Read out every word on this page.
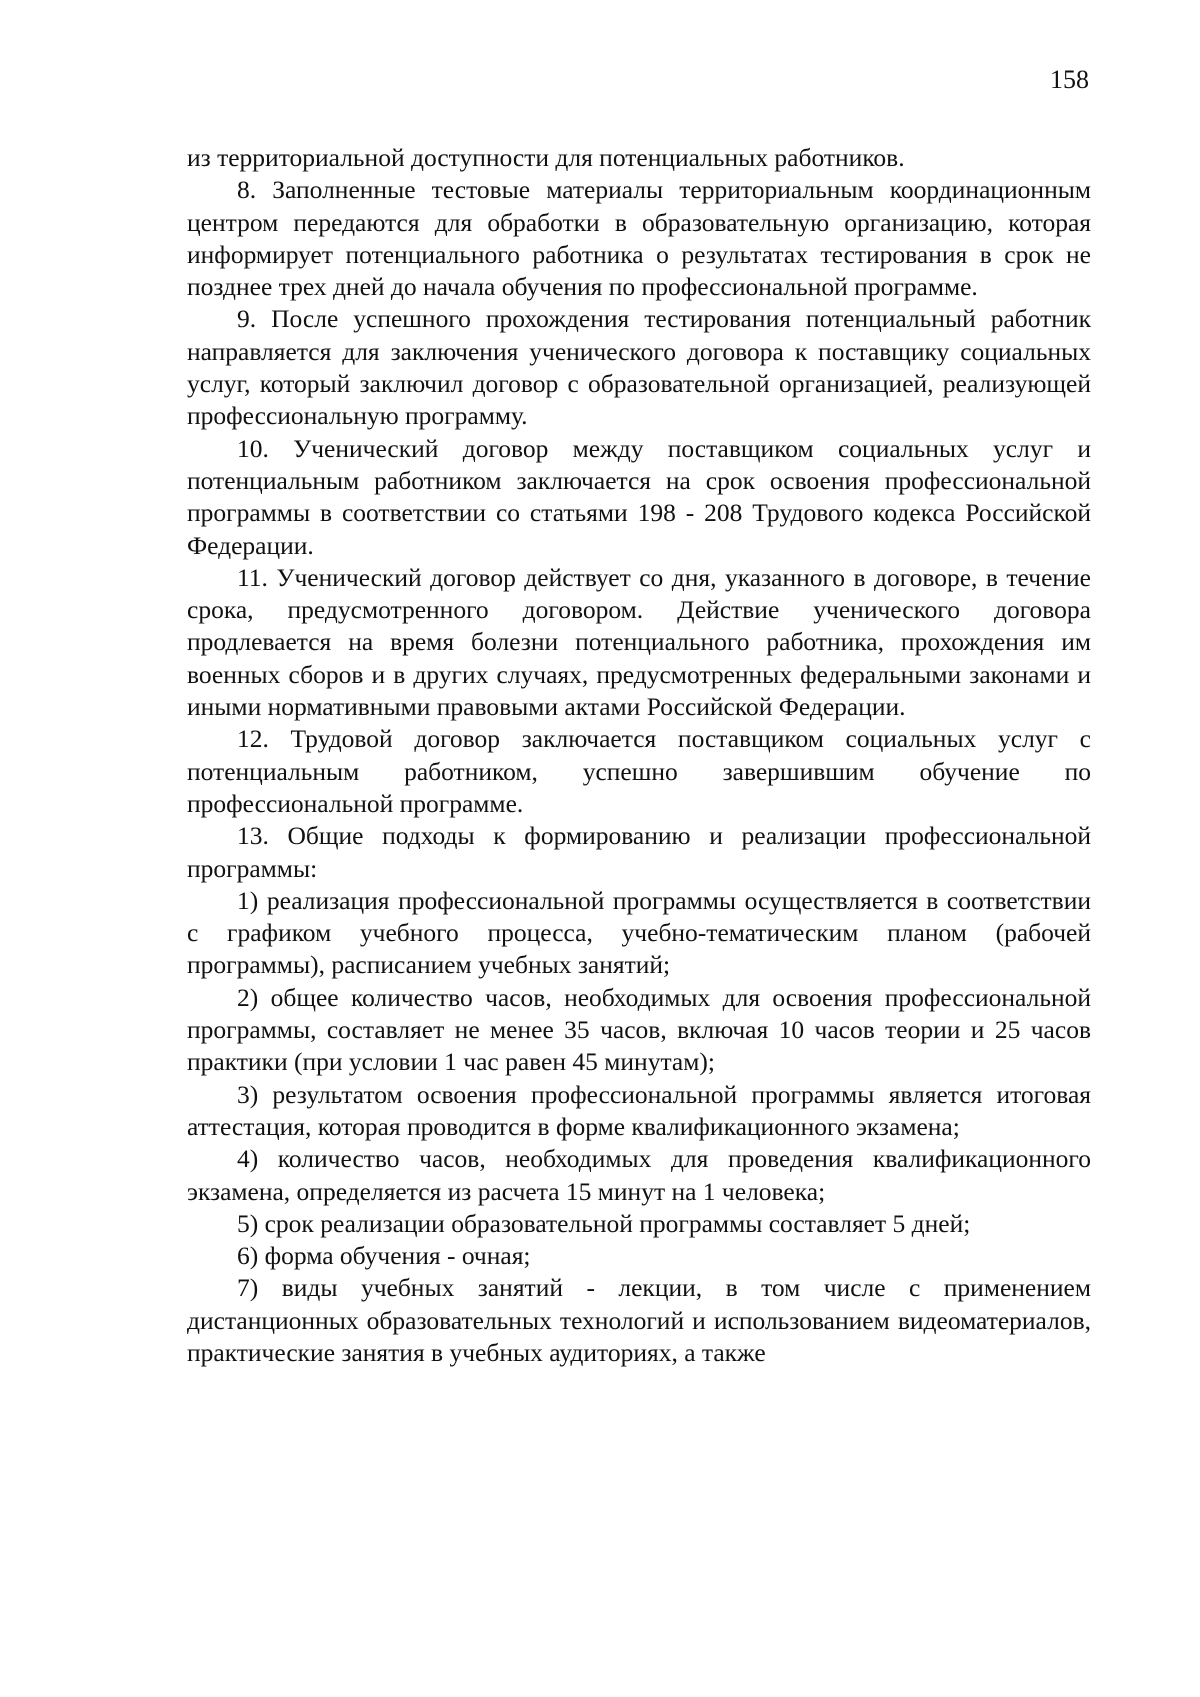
158

из территориальной доступности для потенциальных работников.

8. Заполненные тестовые материалы территориальным координационным центром передаются для обработки в образовательную организацию, которая информирует потенциального работника о результатах тестирования в срок не позднее трех дней до начала обучения по профессиональной программе.

9. После успешного прохождения тестирования потенциальный работник направляется для заключения ученического договора к поставщику социальных услуг, который заключил договор с образовательной организацией, реализующей профессиональную программу.

10. Ученический договор между поставщиком социальных услуг и потенциальным работником заключается на срок освоения профессиональной программы в соответствии со статьями 198 - 208 Трудового кодекса Российской Федерации.

11. Ученический договор действует со дня, указанного в договоре, в течение срока, предусмотренного договором. Действие ученического договора продлевается на время болезни потенциального работника, прохождения им военных сборов и в других случаях, предусмотренных федеральными законами и иными нормативными правовыми актами Российской Федерации.

12. Трудовой договор заключается поставщиком социальных услуг с потенциальным работником, успешно завершившим обучение по профессиональной программе.

13. Общие подходы к формированию и реализации профессиональной программы:

1) реализация профессиональной программы осуществляется в соответствии с графиком учебного процесса, учебно-тематическим планом (рабочей программы), расписанием учебных занятий;

2) общее количество часов, необходимых для освоения профессиональной программы, составляет не менее 35 часов, включая 10 часов теории и 25 часов практики (при условии 1 час равен 45 минутам);

3) результатом освоения профессиональной программы является итоговая аттестация, которая проводится в форме квалификационного экзамена;

4) количество часов, необходимых для проведения квалификационного экзамена, определяется из расчета 15 минут на 1 человека;

5) срок реализации образовательной программы составляет 5 дней;

6) форма обучения - очная;

7) виды учебных занятий - лекции, в том числе с применением дистанционных образовательных технологий и использованием видеоматериалов, практические занятия в учебных аудиториях, а также
